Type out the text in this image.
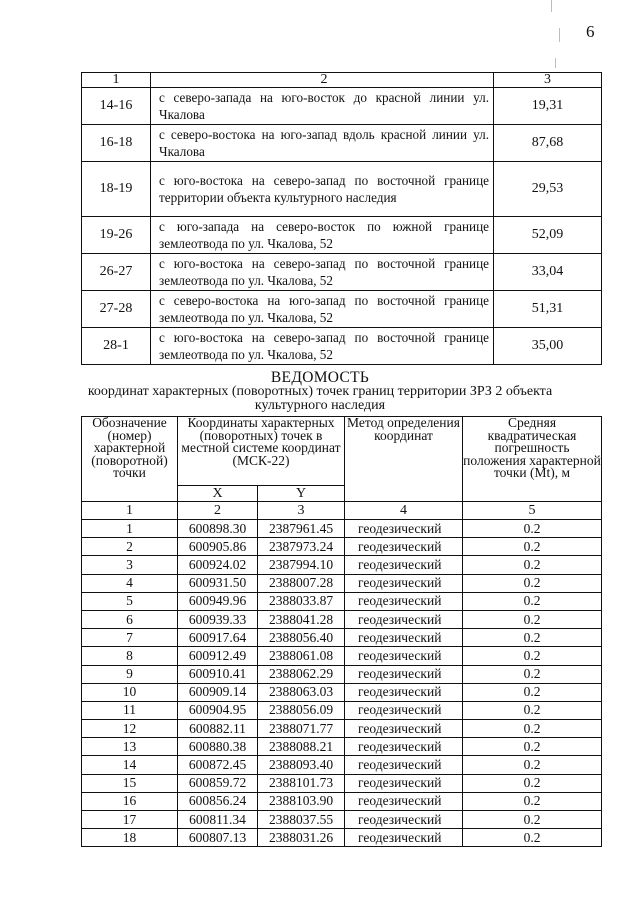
6
1	2	3
14-16	с северо-запада на юго-восток до красной линии ул. Чкалова	19,31
16-18	с северо-востока на юго-запад вдоль красной линии ул. Чкалова	87,68
18-19	с юго-востока на северо-запад по восточной границе территории объекта культурного наследия	29,53
19-26	с юго-запада на северо-восток по южной границе землеотвода по ул. Чкалова, 52	52,09
26-27	с юго-востока на северо-запад по восточной границе землеотвода по ул. Чкалова, 52	33,04
27-28	с северо-востока на юго-запад по восточной границе землеотвода по ул. Чкалова, 52	51,31
28-1	с юго-востока на северо-запад по восточной границе землеотвода по ул. Чкалова, 52	35,00
ВЕДОМОСТЬ
координат характерных (поворотных) точек границ территории ЗРЗ 2 объекта
культурного наследия
Обозначение (номер) характерной (поворотной) точки	Координаты характерных (поворотных) точек в местной системе координат (МСК-22)		Метод определения координат	Средняя квадратическая погрешность положения характерной точки (Mt), м
	X	Y		
1	2	3	4	5
1	600898.30	2387961.45	геодезический	0.2
2	600905.86	2387973.24	геодезический	0.2
3	600924.02	2387994.10	геодезический	0.2
4	600931.50	2388007.28	геодезический	0.2
5	600949.96	2388033.87	геодезический	0.2
6	600939.33	2388041.28	геодезический	0.2
7	600917.64	2388056.40	геодезический	0.2
8	600912.49	2388061.08	геодезический	0.2
9	600910.41	2388062.29	геодезический	0.2
10	600909.14	2388063.03	геодезический	0.2
11	600904.95	2388056.09	геодезический	0.2
12	600882.11	2388071.77	геодезический	0.2
13	600880.38	2388088.21	геодезический	0.2
14	600872.45	2388093.40	геодезический	0.2
15	600859.72	2388101.73	геодезический	0.2
16	600856.24	2388103.90	геодезический	0.2
17	600811.34	2388037.55	геодезический	0.2
18	600807.13	2388031.26	геодезический	0.2
